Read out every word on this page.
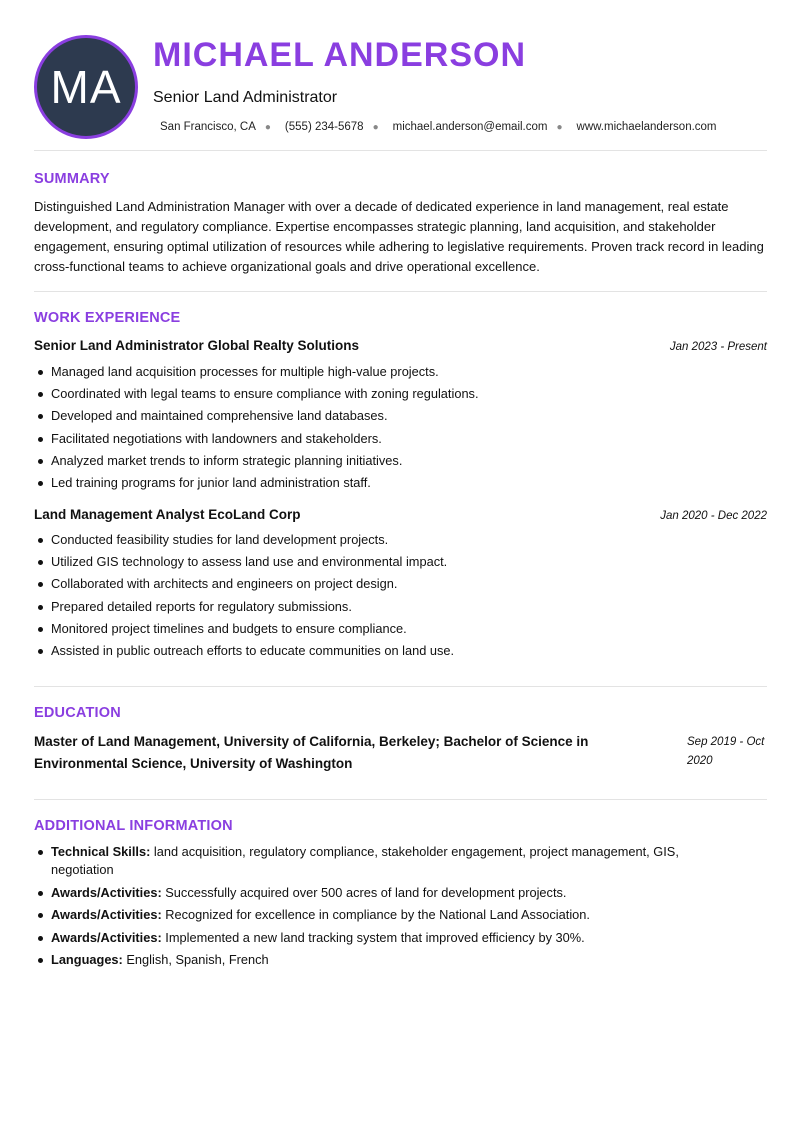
MA
MICHAEL ANDERSON
Senior Land Administrator
San Francisco, CA ● (555) 234-5678 ● michael.anderson@email.com ● www.michaelanderson.com
SUMMARY

Distinguished Land Administration Manager with over a decade of dedicated experience in land management, real estate development, and regulatory compliance. Expertise encompasses strategic planning, land acquisition, and stakeholder engagement, ensuring optimal utilization of resources while adhering to legislative requirements. Proven track record in leading cross-functional teams to achieve organizational goals and drive operational excellence.

WORK EXPERIENCE
Senior Land Administrator Global Realty Solutions	Jan 2023 - Present
Managed land acquisition processes for multiple high-value projects.
Coordinated with legal teams to ensure compliance with zoning regulations.
Developed and maintained comprehensive land databases.
Facilitated negotiations with landowners and stakeholders.
Analyzed market trends to inform strategic planning initiatives.
Led training programs for junior land administration staff.
Land Management Analyst EcoLand Corp	Jan 2020 - Dec 2022
Conducted feasibility studies for land development projects.
Utilized GIS technology to assess land use and environmental impact.
Collaborated with architects and engineers on project design.
Prepared detailed reports for regulatory submissions.
Monitored project timelines and budgets to ensure compliance.
Assisted in public outreach efforts to educate communities on land use.
EDUCATION

Master of Land Management, University of California, Berkeley; Bachelor of Science in Environmental Science, University of Washington

Sep 2019 - Oct 2020
ADDITIONAL INFORMATION
Technical Skills: land acquisition, regulatory compliance, stakeholder engagement, project management, GIS, negotiation
Awards/Activities: Successfully acquired over 500 acres of land for development projects.
Awards/Activities: Recognized for excellence in compliance by the National Land Association.
Awards/Activities: Implemented a new land tracking system that improved efficiency by 30%.
Languages: English, Spanish, French
